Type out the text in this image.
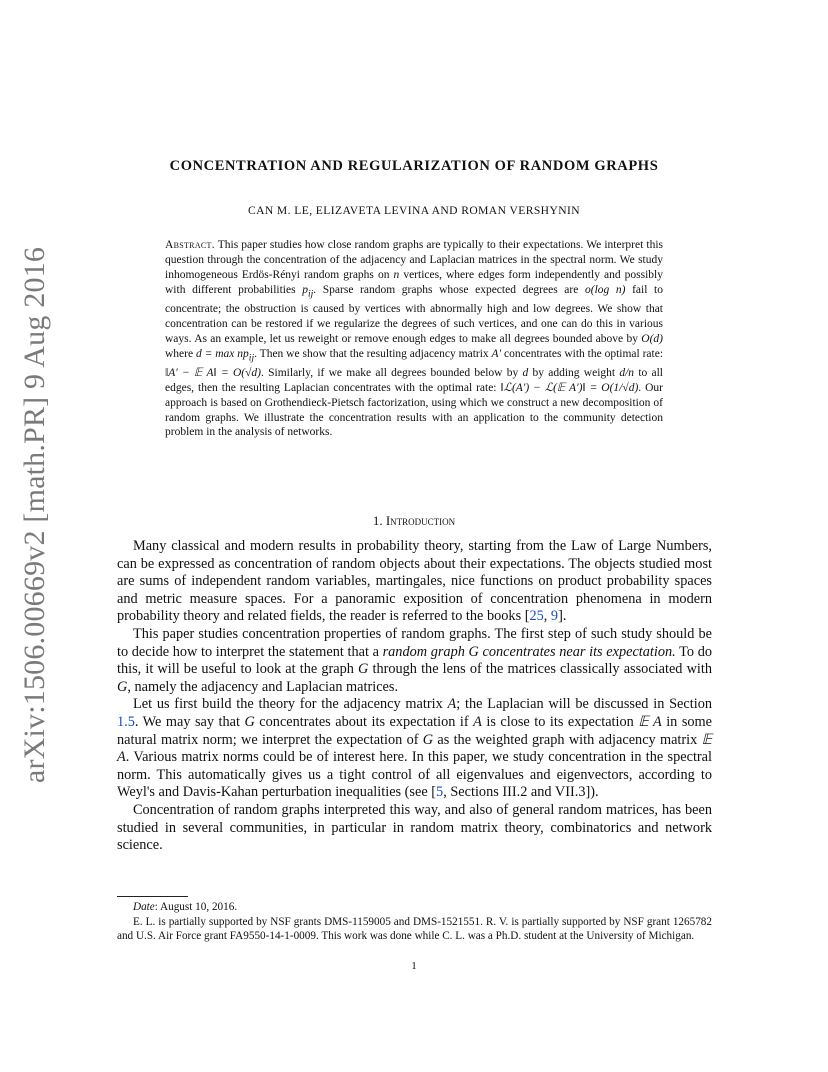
arXiv:1506.00669v2 [math.PR] 9 Aug 2016
CONCENTRATION AND REGULARIZATION OF RANDOM GRAPHS
CAN M. LE, ELIZAVETA LEVINA AND ROMAN VERSHYNIN
Abstract. This paper studies how close random graphs are typically to their expectations. We interpret this question through the concentration of the adjacency and Laplacian matrices in the spectral norm. We study inhomogeneous Erdös-Rényi random graphs on n vertices, where edges form independently and possibly with different probabilities $p_{ij}$. Sparse random graphs whose expected degrees are o(log n) fail to concentrate; the obstruction is caused by vertices with abnormally high and low degrees. We show that concentration can be restored if we regularize the degrees of such vertices, and one can do this in various ways. As an example, let us reweight or remove enough edges to make all degrees bounded above by O(d) where $d = \max np_{ij}$. Then we show that the resulting adjacency matrix A′ concentrates with the optimal rate: ‖A′ − 𝔼 A‖ = O(√d). Similarly, if we make all degrees bounded below by d by adding weight d/n to all edges, then the resulting Laplacian concentrates with the optimal rate: ‖ℒ(A′) − ℒ(𝔼 A′)‖ = O(1/√d). Our approach is based on Grothendieck-Pietsch factorization, using which we construct a new decomposition of random graphs. We illustrate the concentration results with an application to the community detection problem in the analysis of networks.
1. Introduction

Many classical and modern results in probability theory, starting from the Law of Large Numbers, can be expressed as concentration of random objects about their expectations. The objects studied most are sums of independent random variables, martingales, nice functions on product probability spaces and metric measure spaces. For a panoramic exposition of concentration phenomena in modern probability theory and related fields, the reader is referred to the books [25, 9].

This paper studies concentration properties of random graphs. The first step of such study should be to decide how to interpret the statement that a random graph G concentrates near its expectation. To do this, it will be useful to look at the graph G through the lens of the matrices classically associated with G, namely the adjacency and Laplacian matrices.

Let us first build the theory for the adjacency matrix A; the Laplacian will be discussed in Section 1.5. We may say that G concentrates about its expectation if A is close to its expectation 𝔼 A in some natural matrix norm; we interpret the expectation of G as the weighted graph with adjacency matrix 𝔼 A. Various matrix norms could be of interest here. In this paper, we study concentration in the spectral norm. This automatically gives us a tight control of all eigenvalues and eigenvectors, according to Weyl's and Davis-Kahan perturbation inequalities (see [5, Sections III.2 and VII.3]).

Concentration of random graphs interpreted this way, and also of general random matrices, has been studied in several communities, in particular in random matrix theory, combinatorics and network science.

Date: August 10, 2016.

E. L. is partially supported by NSF grants DMS-1159005 and DMS-1521551. R. V. is partially supported by NSF grant 1265782 and U.S. Air Force grant FA9550-14-1-0009. This work was done while C. L. was a Ph.D. student at the University of Michigan.

1
